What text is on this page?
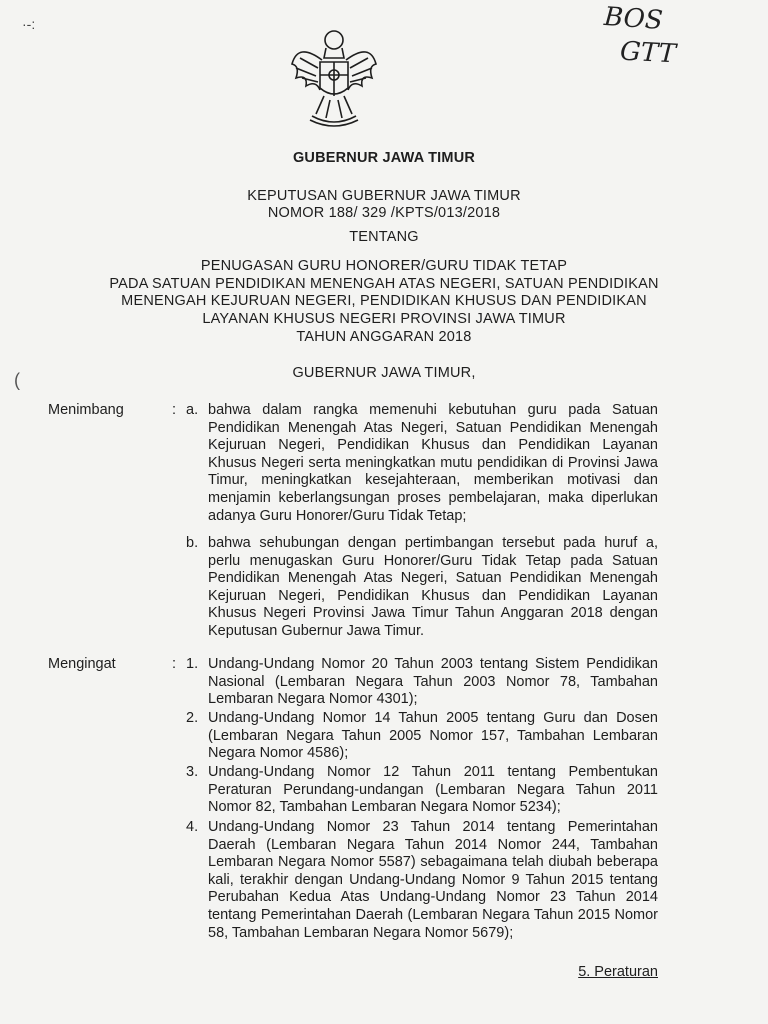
·-:
(
BOS
GTT
GUBERNUR JAWA TIMUR
KEPUTUSAN GUBERNUR JAWA TIMUR
NOMOR 188/ 329 /KPTS/013/2018
TENTANG
PENUGASAN GURU HONORER/GURU TIDAK TETAP
PADA SATUAN PENDIDIKAN MENENGAH ATAS NEGERI, SATUAN PENDIDIKAN
MENENGAH KEJURUAN NEGERI, PENDIDIKAN KHUSUS DAN PENDIDIKAN
LAYANAN KHUSUS NEGERI PROVINSI JAWA TIMUR
TAHUN ANGGARAN 2018
GUBERNUR JAWA TIMUR,
Menimbang	: a. bahwa dalam rangka memenuhi kebutuhan guru pada Satuan Pendidikan Menengah Atas Negeri, Satuan Pendidikan Menengah Kejuruan Negeri, Pendidikan Khusus dan Pendidikan Layanan Khusus Negeri serta meningkatkan mutu pendidikan di Provinsi Jawa Timur, meningkatkan kesejahteraan, memberikan motivasi dan menjamin keberlangsungan proses pembelajaran, maka diperlukan adanya Guru Honorer/Guru Tidak Tetap;
b. bahwa sehubungan dengan pertimbangan tersebut pada huruf a, perlu menugaskan Guru Honorer/Guru Tidak Tetap pada Satuan Pendidikan Menengah Atas Negeri, Satuan Pendidikan Menengah Kejuruan Negeri, Pendidikan Khusus dan Pendidikan Layanan Khusus Negeri Provinsi Jawa Timur Tahun Anggaran 2018 dengan Keputusan Gubernur Jawa Timur.
Mengingat	: 1. Undang-Undang Nomor 20 Tahun 2003 tentang Sistem Pendidikan Nasional (Lembaran Negara Tahun 2003 Nomor 78, Tambahan Lembaran Negara Nomor 4301);
2. Undang-Undang Nomor 14 Tahun 2005 tentang Guru dan Dosen (Lembaran Negara Tahun 2005 Nomor 157, Tambahan Lembaran Negara Nomor 4586);
3. Undang-Undang Nomor 12 Tahun 2011 tentang Pembentukan Peraturan Perundang-undangan (Lembaran Negara Tahun 2011 Nomor 82, Tambahan Lembaran Negara Nomor 5234);
4. Undang-Undang Nomor 23 Tahun 2014 tentang Pemerintahan Daerah (Lembaran Negara Tahun 2014 Nomor 244, Tambahan Lembaran Negara Nomor 5587) sebagaimana telah diubah beberapa kali, terakhir dengan Undang-Undang Nomor 9 Tahun 2015 tentang Perubahan Kedua Atas Undang-Undang Nomor 23 Tahun 2014 tentang Pemerintahan Daerah (Lembaran Negara Tahun 2015 Nomor 58, Tambahan Lembaran Negara Nomor 5679);
5. Peraturan
